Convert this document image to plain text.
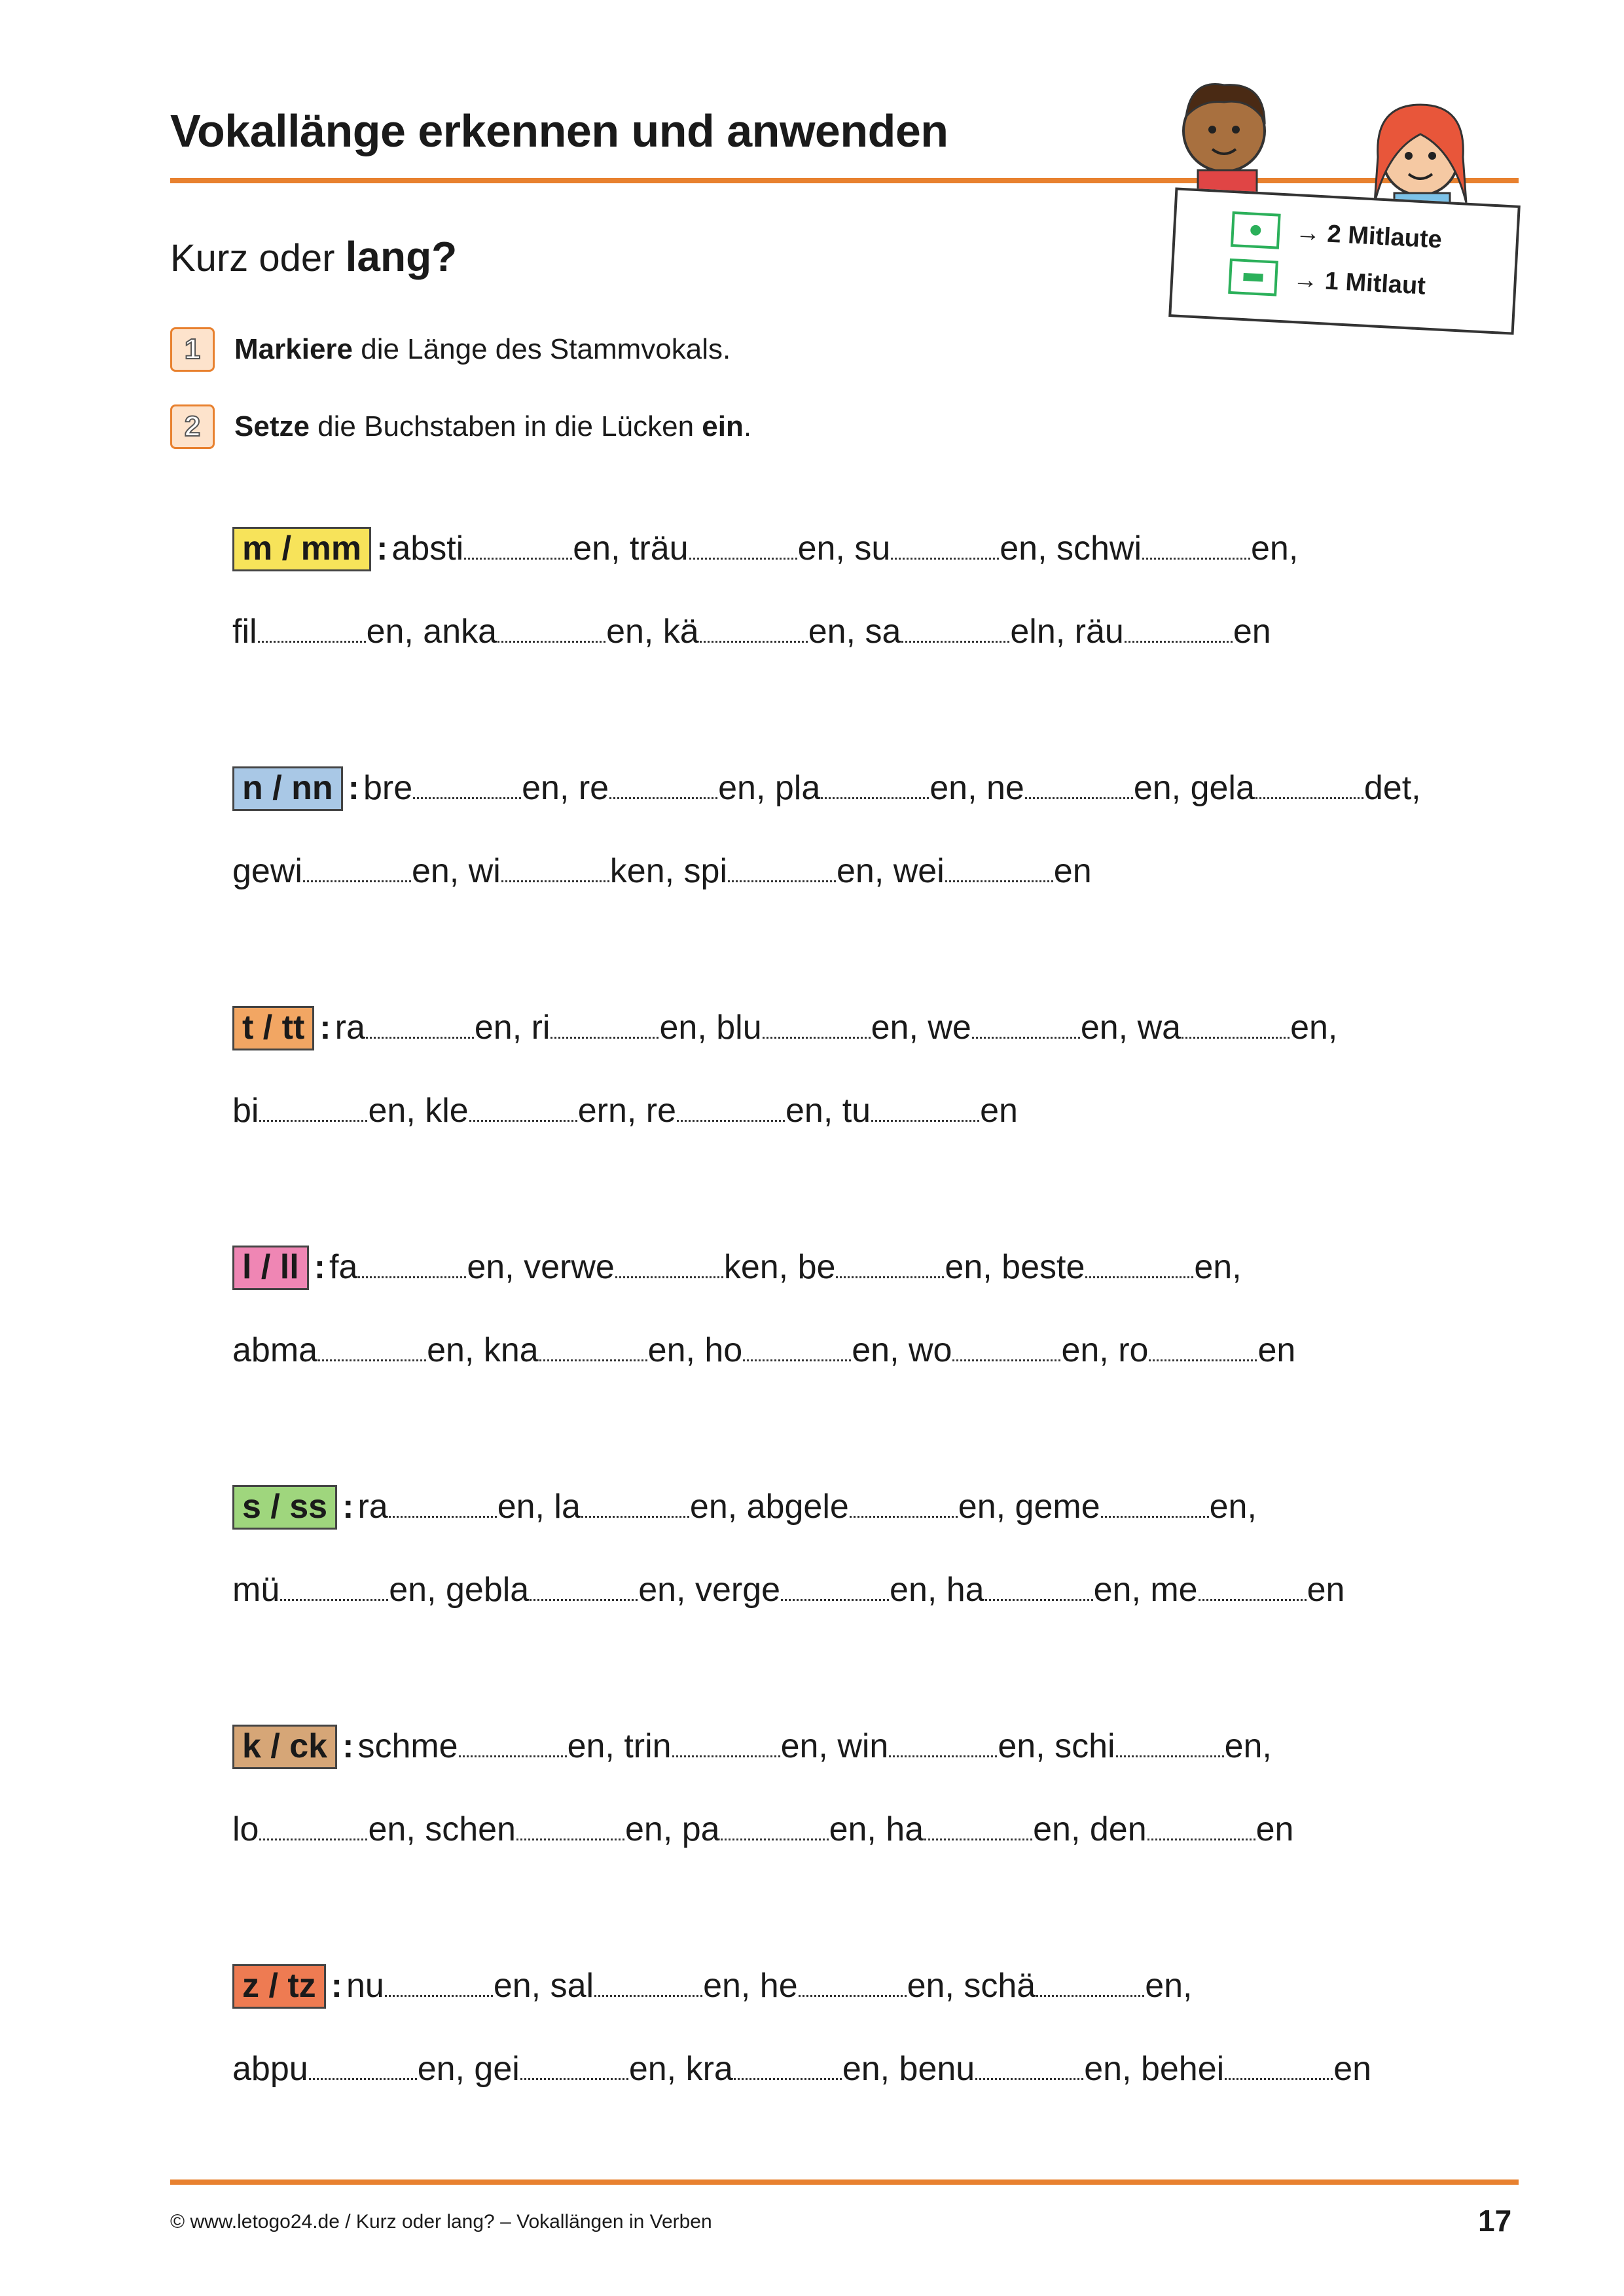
Vokallänge erkennen und anwenden
Kurz oder lang?	→ 2 Mitlaute
→ 1 Mitlaut
1	Markiere die Länge des Stammvokals.
2	Setze die Buchstaben in die Lücken ein.
m / mm : absti	en, träu	en, su	en, schwi	en,
fil	en, anka	en, kä	en, sa	eln, räu	en
n / nn : bre	en, re	en, pla	en, ne	en, gela	det,
gewi	en, wi	ken, spi	en, wei	en
t / tt : ra	en, ri	en, blu	en, we	en, wa	en,
bi	en, kle	ern, re	en, tu	en
l / ll : fa	en, verwe	ken, be	en, beste	en,
abma	en, kna	en, ho	en, wo	en, ro	en
s / ss : ra	en, la	en, abgele	en, geme	en,
mü	en, gebla	en, verge	en, ha	en, me	en
k / ck : schme	en, trin	en, win	en, schi	en,
lo	en, schen	en, pa	en, ha	en, den	en
z / tz : nu	en, sal	en, he	en, schä	en,
abpu	en, gei	en, kra	en, benu	en, behei	en
© www.letogo24.de / Kurz oder lang? – Vokallängen in Verben	17
